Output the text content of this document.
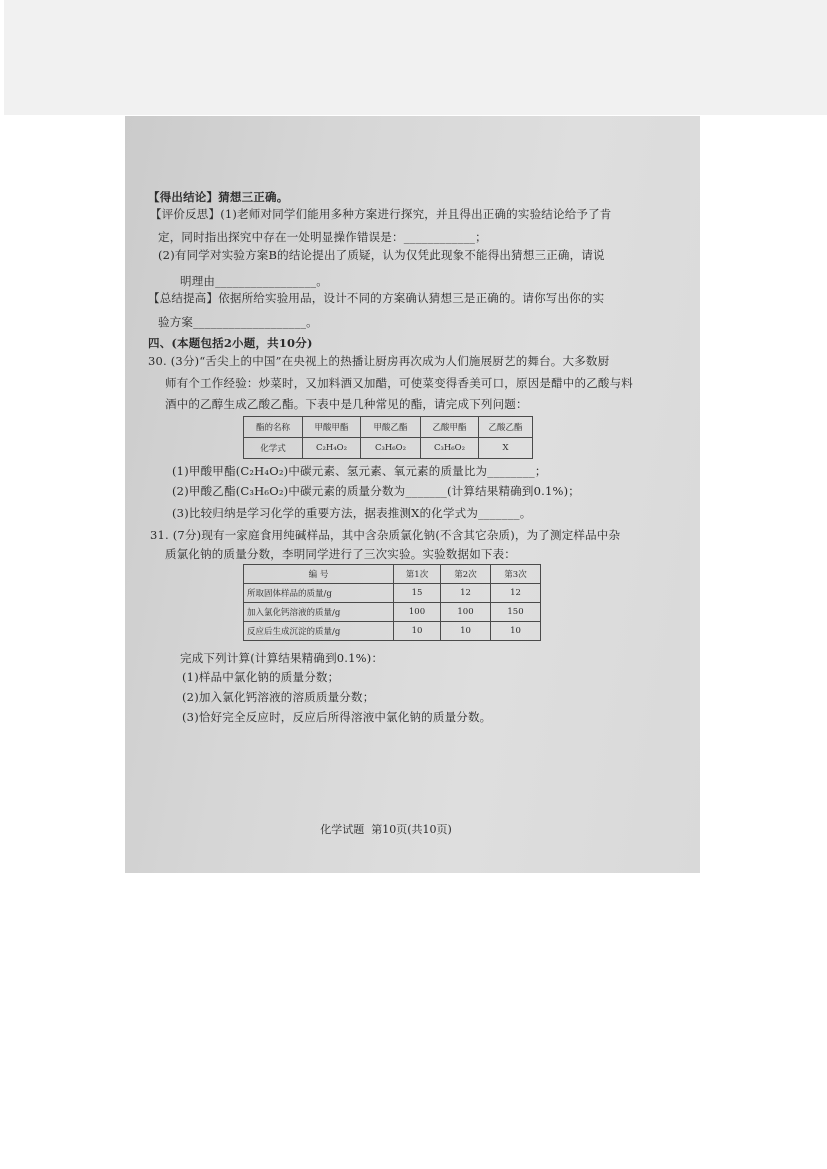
【得出结论】猜想三正确。
【评价反思】(1)老师对同学们能用多种方案进行探究，并且得出正确的实验结论给予了肯
定，同时指出探究中存在一处明显操作错误是：____________；
(2)有同学对实验方案B的结论提出了质疑，认为仅凭此现象不能得出猜想三正确，请说
明理由_________________。
【总结提高】依据所给实验用品，设计不同的方案确认猜想三是正确的。请你写出你的实
验方案___________________。
四、(本题包括2小题，共10分)
30. (3分)“舌尖上的中国”在央视上的热播让厨房再次成为人们施展厨艺的舞台。大多数厨
师有个工作经验：炒菜时，又加料酒又加醋，可使菜变得香美可口，原因是醋中的乙酸与料
酒中的乙醇生成乙酸乙酯。下表中是几种常见的酯，请完成下列问题：
酯的名称	甲酸甲酯	甲酸乙酯	乙酸甲酯	乙酸乙酯
化学式	C₂H₄O₂	C₃H₆O₂	C₃H₆O₂	X
(1)甲酸甲酯(C₂H₄O₂)中碳元素、氢元素、氧元素的质量比为________；
(2)甲酸乙酯(C₃H₆O₂)中碳元素的质量分数为_______(计算结果精确到0.1%)；
(3)比较归纳是学习化学的重要方法，据表推测X的化学式为_______。
31. (7分)现有一家庭食用纯碱样品，其中含杂质氯化钠(不含其它杂质)，为了测定样品中杂
质氯化钠的质量分数，李明同学进行了三次实验。实验数据如下表：
编 号	第1次	第2次	第3次
所取固体样品的质量/g	15	12	12
加入氯化钙溶液的质量/g	100	100	150
反应后生成沉淀的质量/g	10	10	10
完成下列计算(计算结果精确到0.1%)：
(1)样品中氯化钠的质量分数；
(2)加入氯化钙溶液的溶质质量分数；
(3)恰好完全反应时，反应后所得溶液中氯化钠的质量分数。
化学试题  第10页(共10页)
